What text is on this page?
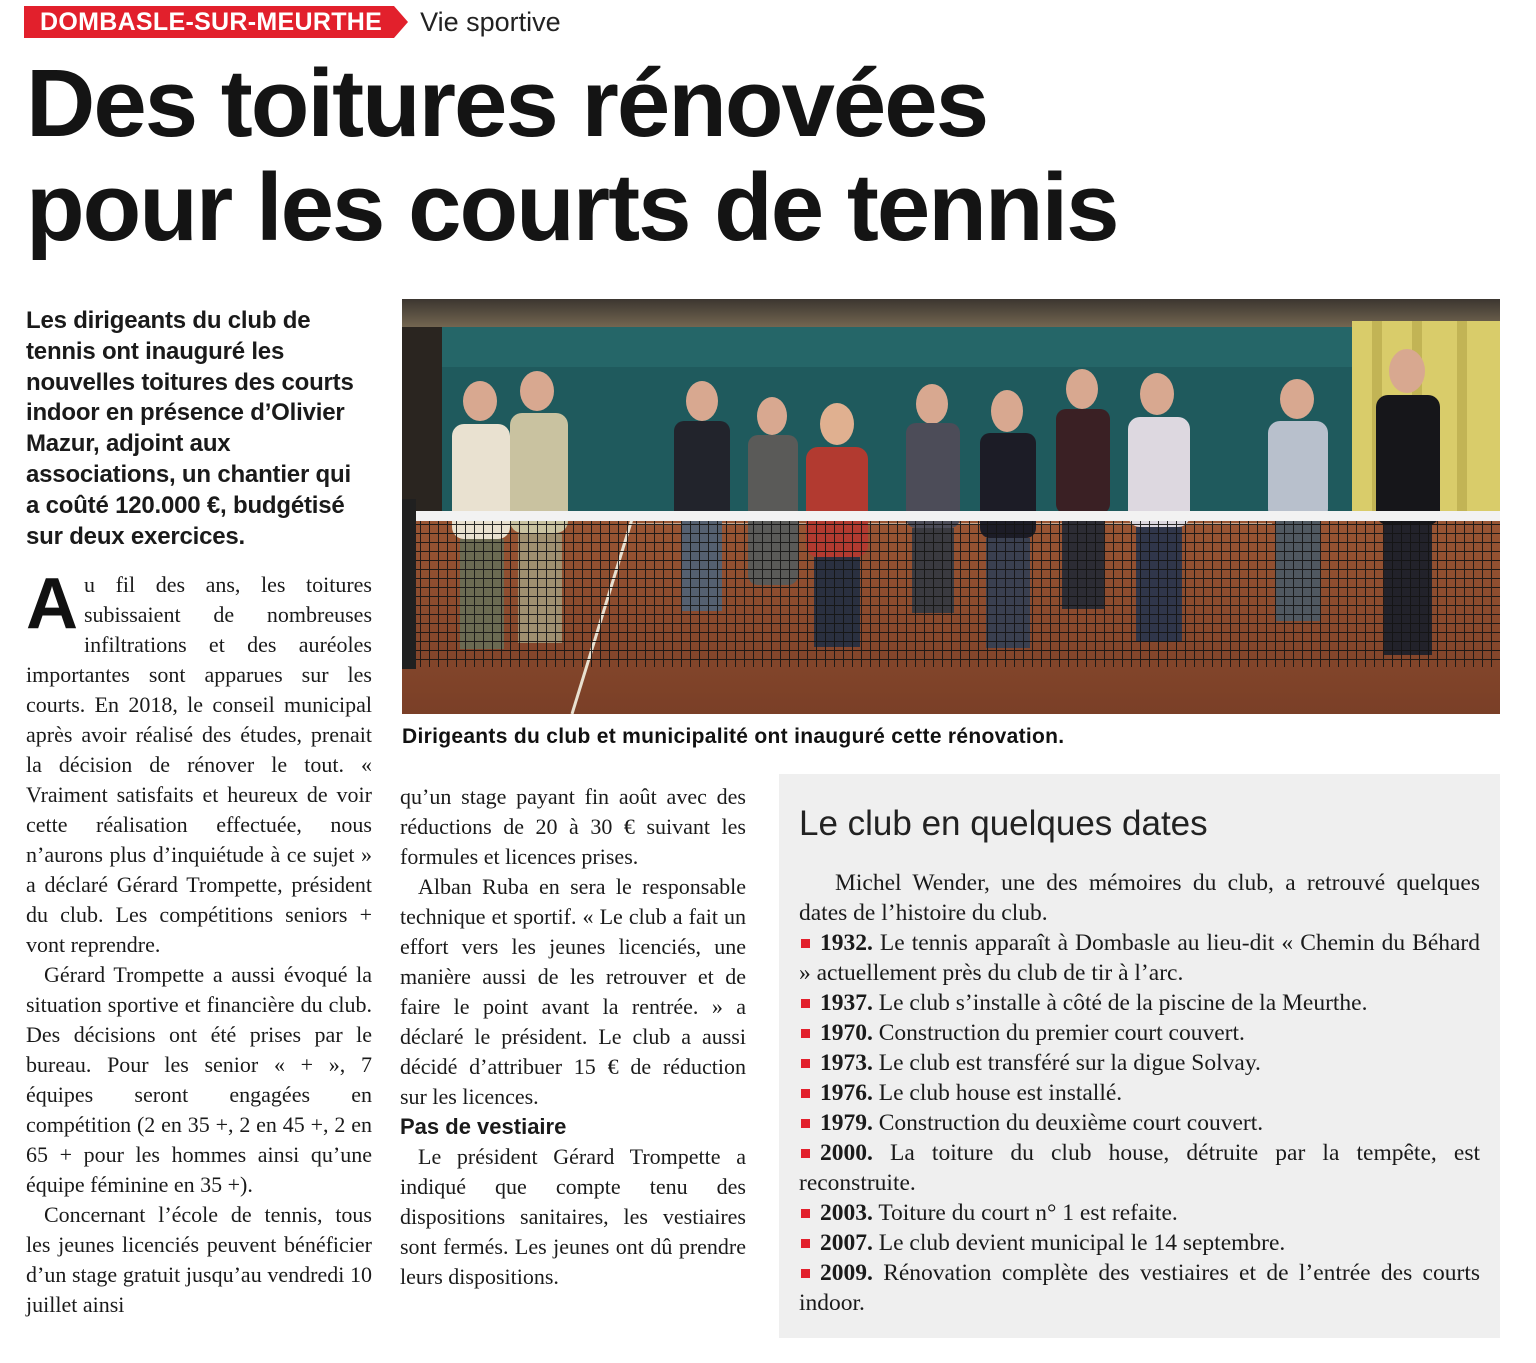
DOMBASLE-SUR-MEURTHE	Vie sportive
Des toitures rénovées
pour les courts de tennis

Les dirigeants du club de tennis ont inauguré les nouvelles toitures des courts indoor en présence d’Olivier Mazur, adjoint aux associations, un chantier qui a coûté 120.000 €, budgétisé sur deux exercices.

Au fil des ans, les toitures subissaient de nombreuses infiltrations et des auréoles importantes sont apparues sur les courts. En 2018, le conseil municipal après avoir réalisé des études, prenait la décision de rénover le tout. « Vraiment satisfaits et heureux de voir cette réalisation effectuée, nous n’aurons plus d’inquiétude à ce sujet » a déclaré Gérard Trompette, président du club. Les compétitions seniors + vont reprendre.

Gérard Trompette a aussi évoqué la situation sportive et financière du club. Des décisions ont été prises par le bureau. Pour les senior « + », 7 équipes seront engagées en compétition (2 en 35 +, 2 en 45 +, 2 en 65 + pour les hommes ainsi qu’une équipe féminine en 35 +).

Concernant l’école de tennis, tous les jeunes licenciés peuvent bénéficier d’un stage gratuit jusqu’au vendredi 10 juillet ainsi

qu’un stage payant fin août avec des réductions de 20 à 30 € suivant les formules et licences prises.

Alban Ruba en sera le responsable technique et sportif. « Le club a fait un effort vers les jeunes licenciés, une manière aussi de les retrouver et de faire le point avant la rentrée. » a déclaré le président. Le club a aussi décidé d’attribuer 15 € de réduction sur les licences.

Pas de vestiaire

Le président Gérard Trompette a indiqué que compte tenu des dispositions sanitaires, les vestiaires sont fermés. Les jeunes ont dû prendre leurs dispositions.

Dirigeants du club et municipalité ont inauguré cette rénovation.
Le club en quelques dates

Michel Wender, une des mémoires du club, a retrouvé quelques dates de l’histoire du club.

1932. Le tennis apparaît à Dombasle au lieu-dit « Chemin du Béhard » actuellement près du club de tir à l’arc.
1937. Le club s’installe à côté de la piscine de la Meurthe.
1970. Construction du premier court couvert.
1973. Le club est transféré sur la digue Solvay.
1976. Le club house est installé.
1979. Construction du deuxième court couvert.
2000. La toiture du club house, détruite par la tempête, est reconstruite.
2003. Toiture du court n° 1 est refaite.
2007. Le club devient municipal le 14 septembre.
2009. Rénovation complète des vestiaires et de l’entrée des courts indoor.
